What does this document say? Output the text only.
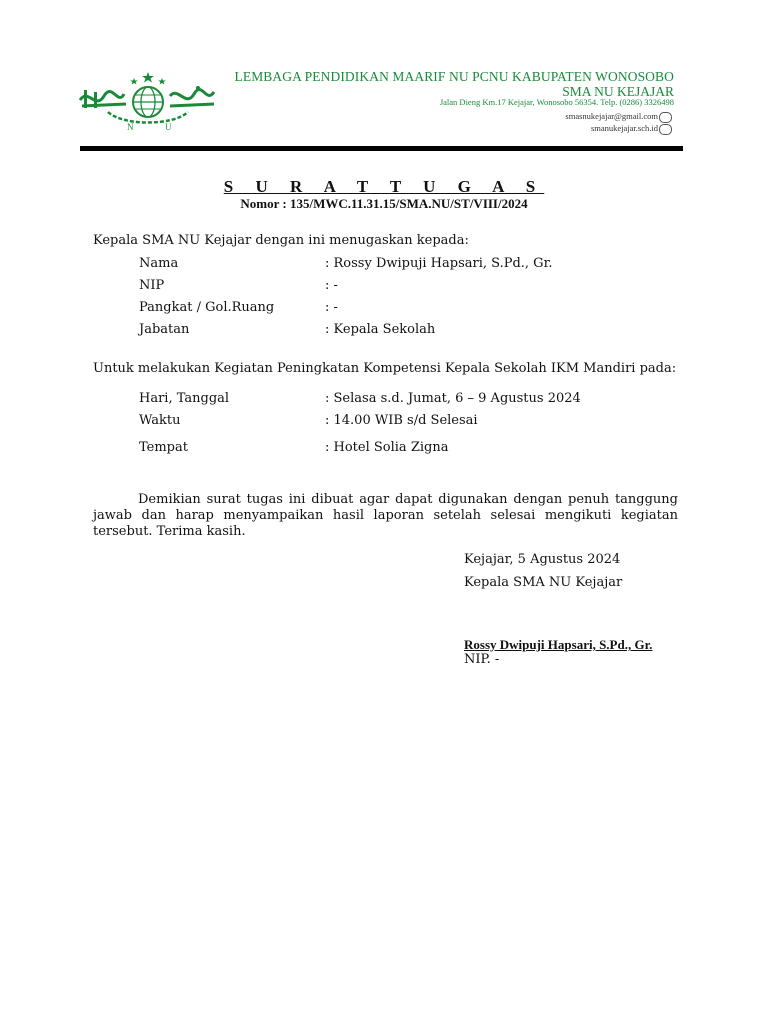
N	U
LEMBAGA PENDIDIKAN MAARIF NU PCNU KABUPATEN WONOSOBO
SMA NU KEJAJAR
Jalan Dieng Km.17 Kejajar, Wonosobo 56354. Telp. (0286) 3326498
smasnukejajar@gmail.com
smanukejajar.sch.id
S U R A T T U G A S
Nomor : 135/MWC.11.31.15/SMA.NU/ST/VIII/2024
Kepala SMA NU Kejajar dengan ini menugaskan kepada:
Nama	: Rossy Dwipuji Hapsari, S.Pd., Gr.
NIP	: -
Pangkat / Gol.Ruang	: -
Jabatan	: Kepala Sekolah
Untuk melakukan Kegiatan Peningkatan Kompetensi Kepala Sekolah IKM Mandiri pada:
Hari, Tanggal	: Selasa s.d. Jumat, 6 – 9 Agustus 2024
Waktu	: 14.00 WIB s/d Selesai
Tempat	: Hotel Solia Zigna
Demikian surat tugas ini dibuat agar dapat digunakan dengan penuh tanggung jawab dan harap menyampaikan hasil laporan setelah selesai mengikuti kegiatan tersebut. Terima kasih.
Kejajar, 5 Agustus 2024
Kepala SMA NU Kejajar
Rossy Dwipuji Hapsari, S.Pd., Gr.
NIP. -
